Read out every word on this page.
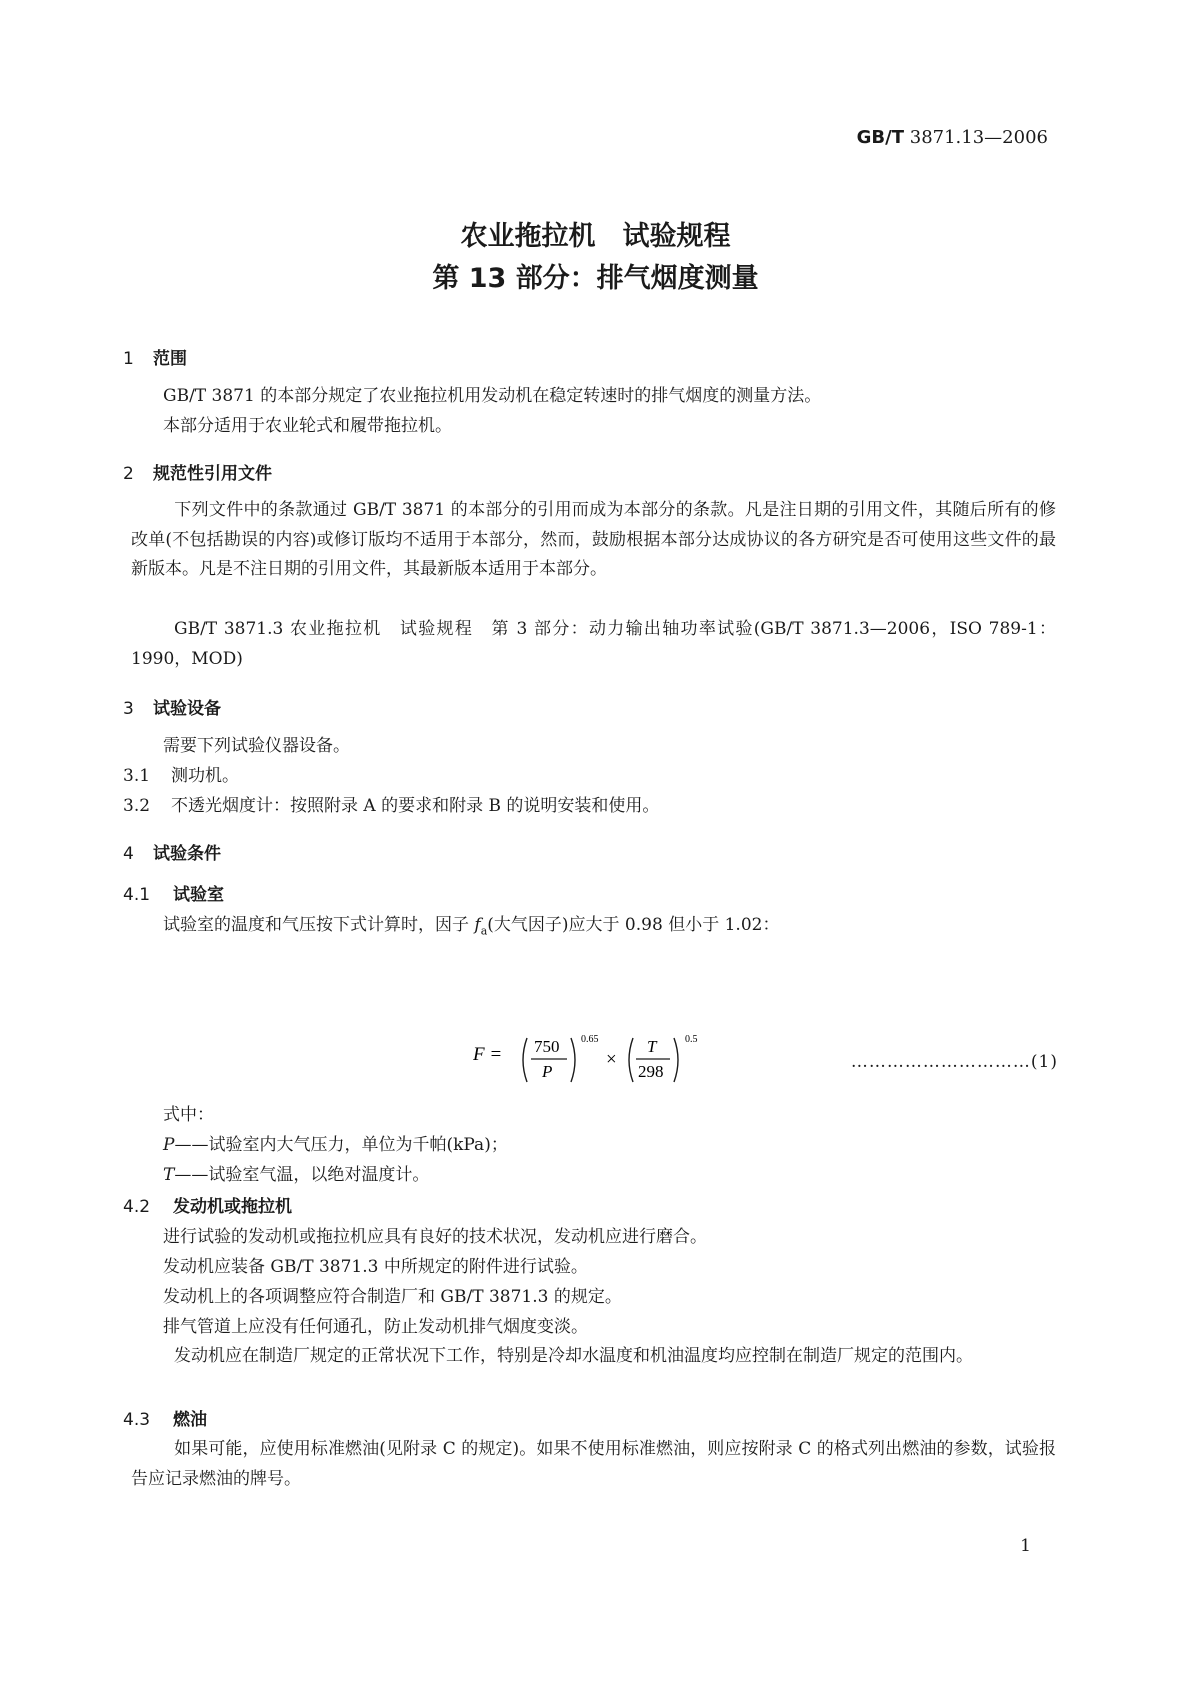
GB/T 3871.13—2006
农业拖拉机　试验规程
第 13 部分：排气烟度测量
1 范围
GB/T 3871 的本部分规定了农业拖拉机用发动机在稳定转速时的排气烟度的测量方法。
本部分适用于农业轮式和履带拖拉机。
2 规范性引用文件
下列文件中的条款通过 GB/T 3871 的本部分的引用而成为本部分的条款。凡是注日期的引用文件，其随后所有的修改单(不包括勘误的内容)或修订版均不适用于本部分，然而，鼓励根据本部分达成协议的各方研究是否可使用这些文件的最新版本。凡是不注日期的引用文件，其最新版本适用于本部分。
GB/T 3871.3 农业拖拉机　试验规程　第 3 部分：动力输出轴功率试验(GB/T 3871.3—2006，ISO 789-1：1990，MOD)
3 试验设备
需要下列试验仪器设备。
3.1 测功机。
3.2 不透光烟度计：按照附录 A 的要求和附录 B 的说明安装和使用。
4 试验条件
4.1 试验室
试验室的温度和气压按下式计算时，因子 $f_a$(大气因子)应大于 0.98 但小于 1.02：
F = 750
P
0.65
×
T
298
0.5
…………………………(1)
式中：
P——试验室内大气压力，单位为千帕(kPa)；
T——试验室气温，以绝对温度计。
4.2 发动机或拖拉机
进行试验的发动机或拖拉机应具有良好的技术状况，发动机应进行磨合。
发动机应装备 GB/T 3871.3 中所规定的附件进行试验。
发动机上的各项调整应符合制造厂和 GB/T 3871.3 的规定。
排气管道上应没有任何通孔，防止发动机排气烟度变淡。
发动机应在制造厂规定的正常状况下工作，特别是冷却水温度和机油温度均应控制在制造厂规定的范围内。
4.3 燃油
如果可能，应使用标准燃油(见附录 C 的规定)。如果不使用标准燃油，则应按附录 C 的格式列出燃油的参数，试验报告应记录燃油的牌号。
1
